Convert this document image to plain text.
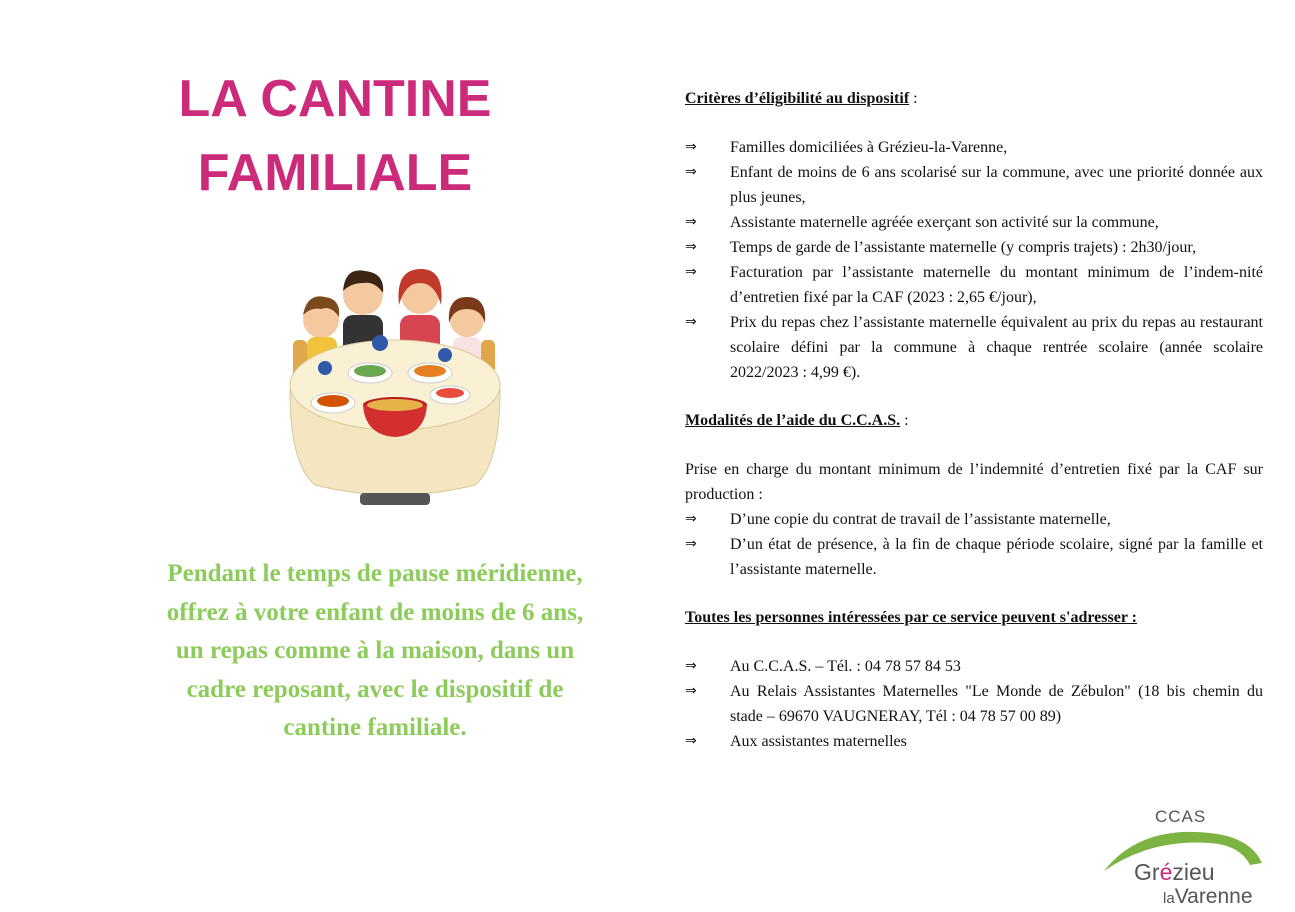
LA CANTINE
FAMILIALE
Pendant le temps de pause méridienne,
offrez à votre enfant de moins de 6 ans,
un repas comme à la maison, dans un
cadre reposant, avec le dispositif de
cantine familiale.

Critères d’éligibilité au dispositif :

⇒ Familles domiciliées à Grézieu-la-Varenne,
⇒ Enfant de moins de 6 ans scolarisé sur la commune, avec une priorité donnée aux plus jeunes,
⇒ Assistante maternelle agréée exerçant son activité sur la commune,
⇒ Temps de garde de l’assistante maternelle (y compris trajets) : 2h30/jour,
⇒ Facturation par l’assistante maternelle du montant minimum de l’indem-nité d’entretien fixé par la CAF (2023 : 2,65 €/jour),
⇒ Prix du repas chez l’assistante maternelle équivalent au prix du repas au restaurant scolaire défini par la commune à chaque rentrée scolaire (année scolaire 2022/2023 : 4,99 €).

Modalités de l’aide du C.C.A.S. :

Prise en charge du montant minimum de l’indemnité d’entretien fixé par la CAF sur production :

⇒ D’une copie du contrat de travail de l’assistante maternelle,
⇒ D’un état de présence, à la fin de chaque période scolaire, signé par la famille et l’assistante maternelle.

Toutes les personnes intéressées par ce service peuvent s'adresser :

⇒ Au C.C.A.S. – Tél. : 04 78 57 84 53
⇒ Au Relais Assistantes Maternelles "Le Monde de Zébulon" (18 bis chemin du stade – 69670 VAUGNERAY, Tél : 04 78 57 00 89)
⇒ Aux assistantes maternelles
CCAS
Grézieu
laVarenne
